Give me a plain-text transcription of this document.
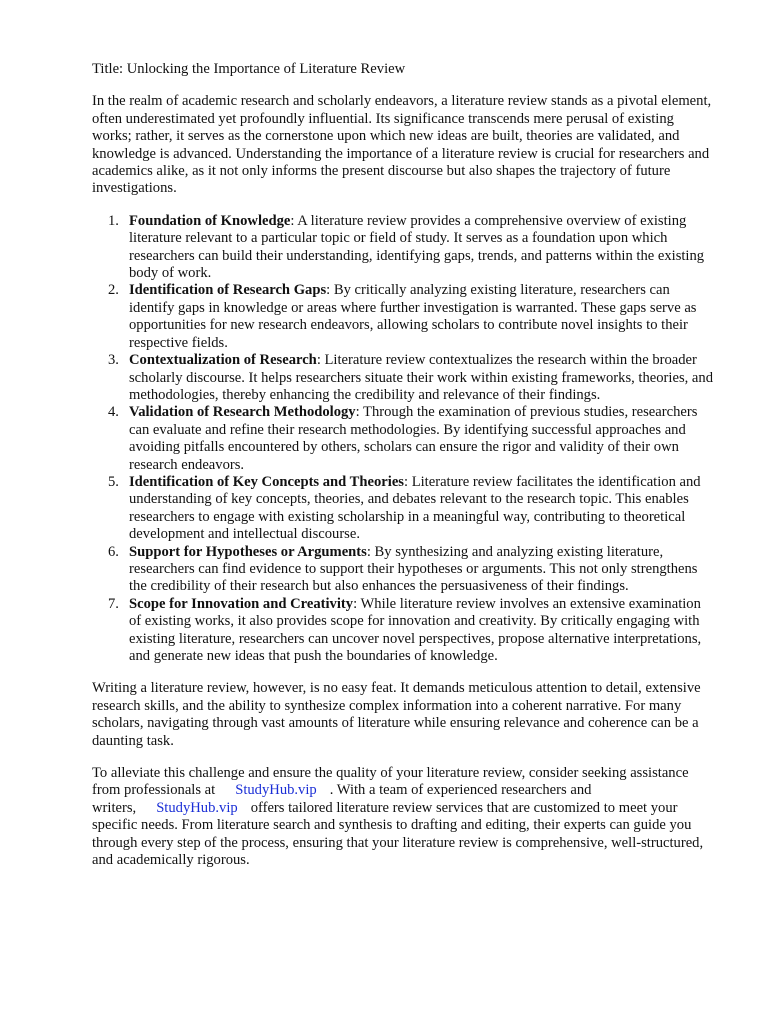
Title: Unlocking the Importance of Literature Review

In the realm of academic research and scholarly endeavors, a literature review stands as a pivotal element, often underestimated yet profoundly influential. Its significance transcends mere perusal of existing works; rather, it serves as the cornerstone upon which new ideas are built, theories are validated, and knowledge is advanced. Understanding the importance of a literature review is crucial for researchers and academics alike, as it not only informs the present discourse but also shapes the trajectory of future investigations.

1. Foundation of Knowledge: A literature review provides a comprehensive overview of existing literature relevant to a particular topic or field of study. It serves as a foundation upon which researchers can build their understanding, identifying gaps, trends, and patterns within the existing body of work.
2. Identification of Research Gaps: By critically analyzing existing literature, researchers can identify gaps in knowledge or areas where further investigation is warranted. These gaps serve as opportunities for new research endeavors, allowing scholars to contribute novel insights to their respective fields.
3. Contextualization of Research: Literature review contextualizes the research within the broader scholarly discourse. It helps researchers situate their work within existing frameworks, theories, and methodologies, thereby enhancing the credibility and relevance of their findings.
4. Validation of Research Methodology: Through the examination of previous studies, researchers can evaluate and refine their research methodologies. By identifying successful approaches and avoiding pitfalls encountered by others, scholars can ensure the rigor and validity of their own research endeavors.
5. Identification of Key Concepts and Theories: Literature review facilitates the identification and understanding of key concepts, theories, and debates relevant to the research topic. This enables researchers to engage with existing scholarship in a meaningful way, contributing to theoretical development and intellectual discourse.
6. Support for Hypotheses or Arguments: By synthesizing and analyzing existing literature, researchers can find evidence to support their hypotheses or arguments. This not only strengthens the credibility of their research but also enhances the persuasiveness of their findings.
7. Scope for Innovation and Creativity: While literature review involves an extensive examination of existing works, it also provides scope for innovation and creativity. By critically engaging with existing literature, researchers can uncover novel perspectives, propose alternative interpretations, and generate new ideas that push the boundaries of knowledge.

Writing a literature review, however, is no easy feat. It demands meticulous attention to detail, extensive research skills, and the ability to synthesize complex information into a coherent narrative. For many scholars, navigating through vast amounts of literature while ensuring relevance and coherence can be a daunting task.

To alleviate this challenge and ensure the quality of your literature review, consider seeking assistance from professionals at StudyHub.vip . With a team of experienced researchers and writers, StudyHub.vip offers tailored literature review services that are customized to meet your specific needs. From literature search and synthesis to drafting and editing, their experts can guide you through every step of the process, ensuring that your literature review is comprehensive, well-structured, and academically rigorous.
